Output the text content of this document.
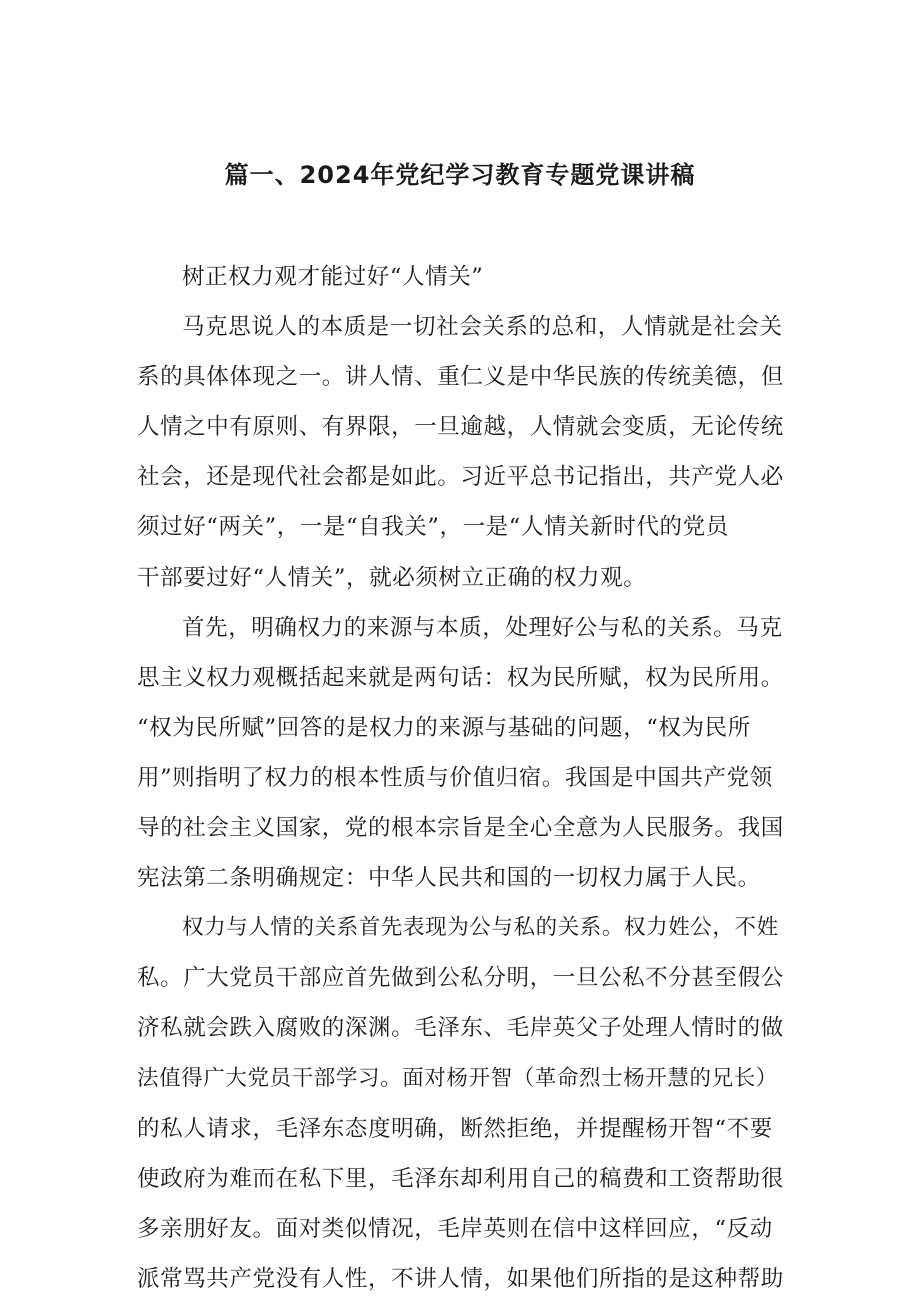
篇一、2024年党纪学习教育专题党课讲稿
树正权力观才能过好“人情关”
马克思说人的本质是一切社会关系的总和，人情就是社会关
系的具体体现之一。讲人情、重仁义是中华民族的传统美德，但
人情之中有原则、有界限，一旦逾越，人情就会变质，无论传统
社会，还是现代社会都是如此。习近平总书记指出，共产党人必
须过好“两关”，一是“自我关”，一是“人情关新时代的党员
干部要过好“人情关”，就必须树立正确的权力观。
首先，明确权力的来源与本质，处理好公与私的关系。马克
思主义权力观概括起来就是两句话：权为民所赋，权为民所用。
“权为民所赋”回答的是权力的来源与基础的问题，“权为民所
用”则指明了权力的根本性质与价值归宿。我国是中国共产党领
导的社会主义国家，党的根本宗旨是全心全意为人民服务。我国
宪法第二条明确规定：中华人民共和国的一切权力属于人民。
权力与人情的关系首先表现为公与私的关系。权力姓公，不姓
私。广大党员干部应首先做到公私分明，一旦公私不分甚至假公
济私就会跌入腐败的深渊。毛泽东、毛岸英父子处理人情时的做
法值得广大党员干部学习。面对杨开智（革命烈士杨开慧的兄长）
的私人请求，毛泽东态度明确，断然拒绝，并提醒杨开智“不要
使政府为难而在私下里，毛泽东却利用自己的稿费和工资帮助很
多亲朋好友。面对类似情况，毛岸英则在信中这样回应，“反动
派常骂共产党没有人性，不讲人情，如果他们所指的是这种帮助
